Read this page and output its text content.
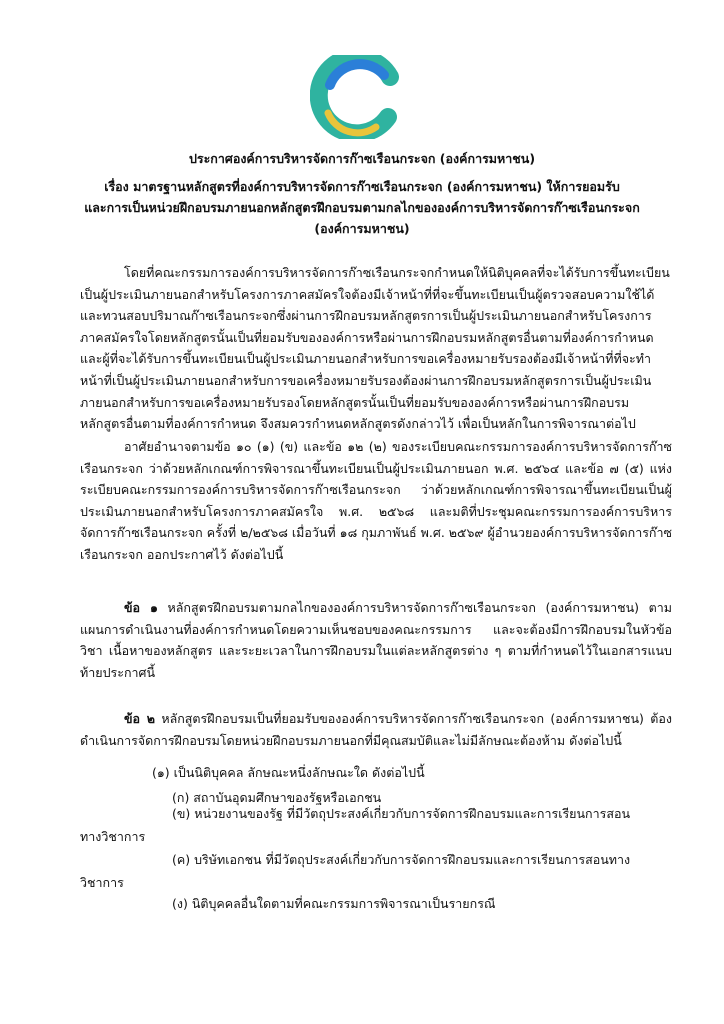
ประกาศองค์การบริหารจัดการก๊าซเรือนกระจก (องค์การมหาชน)
เรื่อง มาตรฐานหลักสูตรที่องค์การบริหารจัดการก๊าซเรือนกระจก (องค์การมหาชน) ให้การยอมรับ
และการเป็นหน่วยฝึกอบรมภายนอกหลักสูตรฝึกอบรมตามกลไกขององค์การบริหารจัดการก๊าซเรือนกระจก
(องค์การมหาชน)

โดยที่คณะกรรมการองค์การบริหารจัดการก๊าซเรือนกระจกกำหนดให้นิติบุคคลที่จะได้รับการขึ้นทะเบียนเป็นผู้ประเมินภายนอกสำหรับโครงการภาคสมัครใจต้องมีเจ้าหน้าที่ที่จะขึ้นทะเบียนเป็นผู้ตรวจสอบความใช้ได้และทวนสอบปริมาณก๊าซเรือนกระจกซึ่งผ่านการฝึกอบรมหลักสูตรการเป็นผู้ประเมินภายนอกสำหรับโครงการภาคสมัครใจโดยหลักสูตรนั้นเป็นที่ยอมรับขององค์การหรือผ่านการฝึกอบรมหลักสูตรอื่นตามที่องค์การกำหนด และผู้ที่จะได้รับการขึ้นทะเบียนเป็นผู้ประเมินภายนอกสำหรับการขอเครื่องหมายรับรองต้องมีเจ้าหน้าที่ที่จะทำหน้าที่เป็นผู้ประเมินภายนอกสำหรับการขอเครื่องหมายรับรองต้องผ่านการฝึกอบรมหลักสูตรการเป็นผู้ประเมินภายนอกสำหรับการขอเครื่องหมายรับรองโดยหลักสูตรนั้นเป็นที่ยอมรับขององค์การหรือผ่านการฝึกอบรมหลักสูตรอื่นตามที่องค์การกำหนด จึงสมควรกำหนดหลักสูตรดังกล่าวไว้ เพื่อเป็นหลักในการพิจารณาต่อไป

อาศัยอำนาจตามข้อ ๑๐ (๑) (ข) และข้อ ๑๒ (๒) ของระเบียบคณะกรรมการองค์การบริหารจัดการก๊าซเรือนกระจก ว่าด้วยหลักเกณฑ์การพิจารณาขึ้นทะเบียนเป็นผู้ประเมินภายนอก พ.ศ. ๒๕๖๔ และข้อ ๗ (๕) แห่งระเบียบคณะกรรมการองค์การบริหารจัดการก๊าซเรือนกระจก ว่าด้วยหลักเกณฑ์การพิจารณาขึ้นทะเบียนเป็นผู้ประเมินภายนอกสำหรับโครงการภาคสมัครใจ พ.ศ. ๒๕๖๘ และมติที่ประชุมคณะกรรมการองค์การบริหารจัดการก๊าซเรือนกระจก ครั้งที่ ๒/๒๕๖๘ เมื่อวันที่ ๑๘ กุมภาพันธ์ พ.ศ. ๒๕๖๙ ผู้อำนวยองค์การบริหารจัดการก๊าซเรือนกระจก ออกประกาศไว้ ดังต่อไปนี้

ข้อ ๑ หลักสูตรฝึกอบรมตามกลไกขององค์การบริหารจัดการก๊าซเรือนกระจก (องค์การมหาชน) ตามแผนการดำเนินงานที่องค์การกำหนดโดยความเห็นชอบของคณะกรรมการ และจะต้องมีการฝึกอบรมในหัวข้อวิชา เนื้อหาของหลักสูตร และระยะเวลาในการฝึกอบรมในแต่ละหลักสูตรต่าง ๆ ตามที่กำหนดไว้ในเอกสารแนบท้ายประกาศนี้

ข้อ ๒ หลักสูตรฝึกอบรมเป็นที่ยอมรับขององค์การบริหารจัดการก๊าซเรือนกระจก (องค์การมหาชน) ต้องดำเนินการจัดการฝึกอบรมโดยหน่วยฝึกอบรมภายนอกที่มีคุณสมบัติและไม่มีลักษณะต้องห้าม ดังต่อไปนี้

(๑) เป็นนิติบุคคล ลักษณะหนึ่งลักษณะใด ดังต่อไปนี้
(ก) สถาบันอุดมศึกษาของรัฐหรือเอกชน
(ข) หน่วยงานของรัฐ ที่มีวัตถุประสงค์เกี่ยวกับการจัดการฝึกอบรมและการเรียนการสอน
ทางวิชาการ
(ค) บริษัทเอกชน ที่มีวัตถุประสงค์เกี่ยวกับการจัดการฝึกอบรมและการเรียนการสอนทาง
วิชาการ
(ง) นิติบุคคลอื่นใดตามที่คณะกรรมการพิจารณาเป็นรายกรณี
